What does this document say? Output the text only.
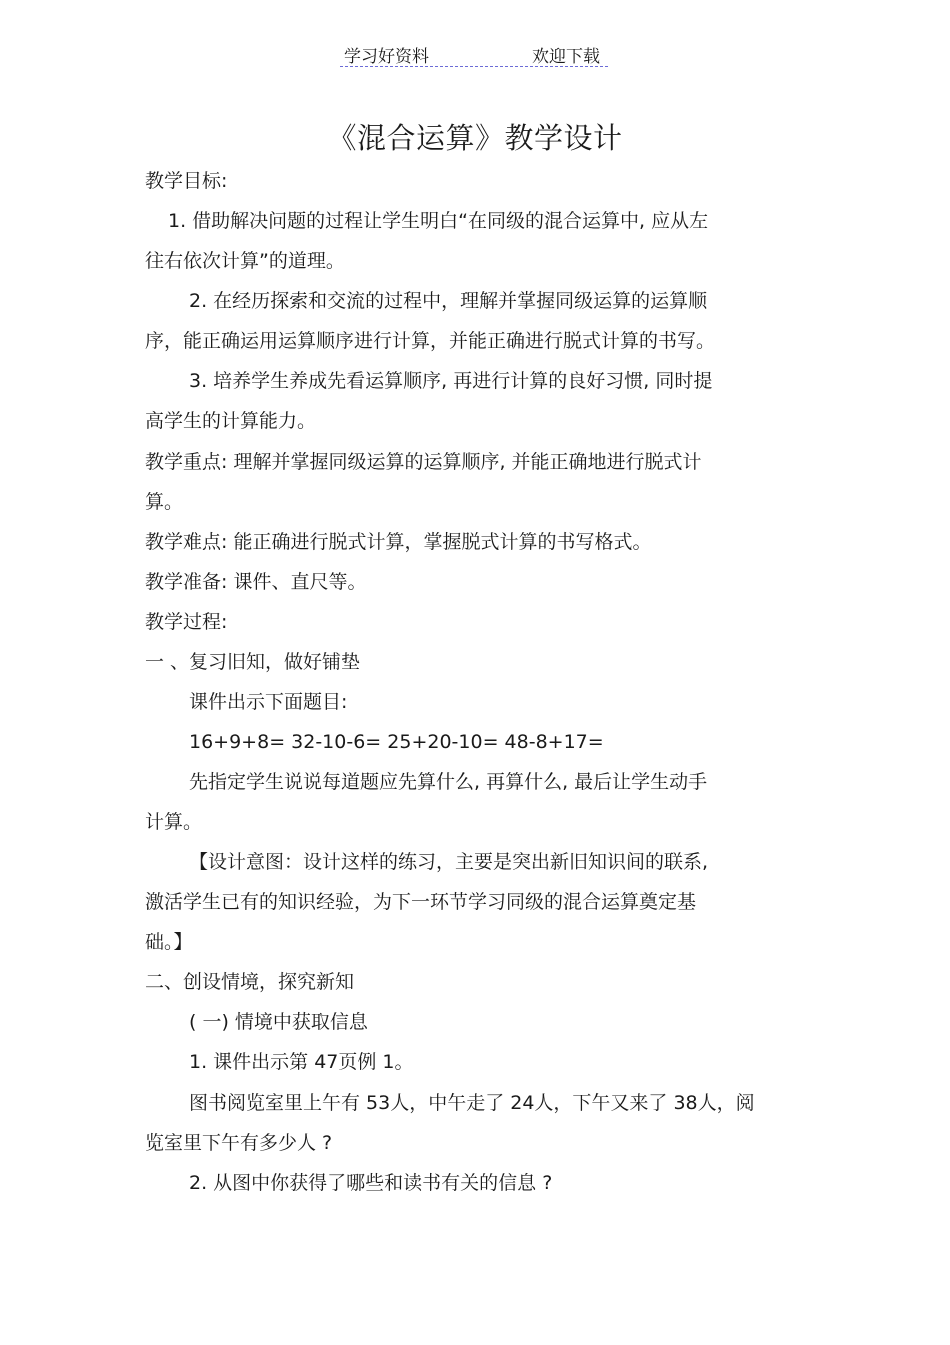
学习好资料	欢迎下载
《混合运算》教学设计
教学目标:
1. 借助解决问题的过程让学生明白“在同级的混合运算中, 应从左
往右依次计算”的道理。
2. 在经历探索和交流的过程中，理解并掌握同级运算的运算顺
序，能正确运用运算顺序进行计算，并能正确进行脱式计算的书写。
3. 培养学生养成先看运算顺序, 再进行计算的良好习惯, 同时提
高学生的计算能力。
教学重点: 理解并掌握同级运算的运算顺序, 并能正确地进行脱式计
算。
教学难点: 能正确进行脱式计算，掌握脱式计算的书写格式。
教学准备: 课件、直尺等。
教学过程:
一 、复习旧知，做好铺垫
课件出示下面题目:
16+9+8= 32-10-6= 25+20-10= 48-8+17=
先指定学生说说每道题应先算什么, 再算什么, 最后让学生动手
计算。
【设计意图：设计这样的练习，主要是突出新旧知识间的联系,
激活学生已有的知识经验，为下一环节学习同级的混合运算奠定基
础。】
二、创设情境，探究新知
( 一) 情境中获取信息
1. 课件出示第 47页例 1。
图书阅览室里上午有 53人，中午走了 24人，下午又来了 38人，阅
览室里下午有多少人 ?
2. 从图中你获得了哪些和读书有关的信息 ?
